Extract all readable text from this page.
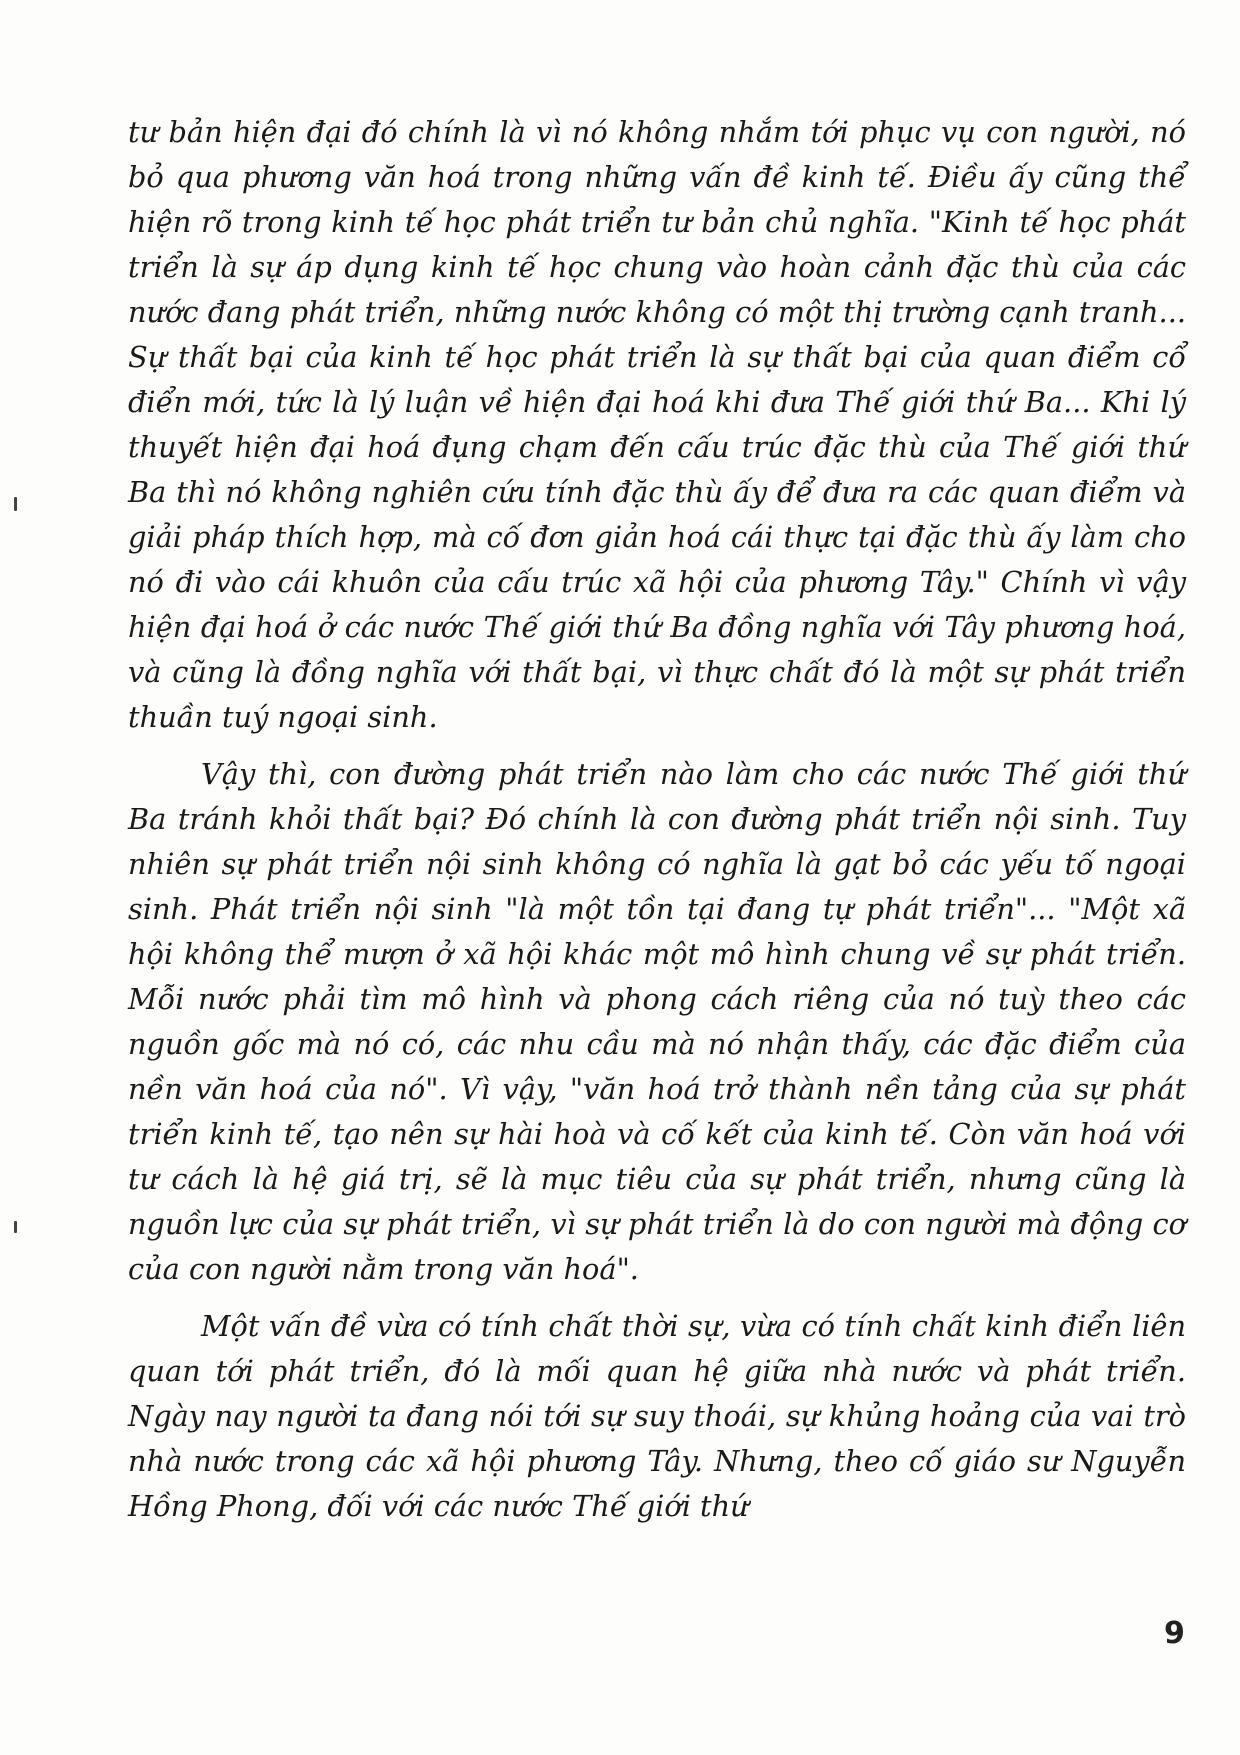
tư bản hiện đại đó chính là vì nó không nhắm tới phục vụ con người, nó bỏ qua phương văn hoá trong những vấn đề kinh tế. Điều ấy cũng thể hiện rõ trong kinh tế học phát triển tư bản chủ nghĩa. "Kinh tế học phát triển là sự áp dụng kinh tế học chung vào hoàn cảnh đặc thù của các nước đang phát triển, những nước không có một thị trường cạnh tranh... Sự thất bại của kinh tế học phát triển là sự thất bại của quan điểm cổ điển mới, tức là lý luận về hiện đại hoá khi đưa Thế giới thứ Ba... Khi lý thuyết hiện đại hoá đụng chạm đến cấu trúc đặc thù của Thế giới thứ Ba thì nó không nghiên cứu tính đặc thù ấy để đưa ra các quan điểm và giải pháp thích hợp, mà cố đơn giản hoá cái thực tại đặc thù ấy làm cho nó đi vào cái khuôn của cấu trúc xã hội của phương Tây." Chính vì vậy hiện đại hoá ở các nước Thế giới thứ Ba đồng nghĩa với Tây phương hoá, và cũng là đồng nghĩa với thất bại, vì thực chất đó là một sự phát triển thuần tuý ngoại sinh.

Vậy thì, con đường phát triển nào làm cho các nước Thế giới thứ Ba tránh khỏi thất bại? Đó chính là con đường phát triển nội sinh. Tuy nhiên sự phát triển nội sinh không có nghĩa là gạt bỏ các yếu tố ngoại sinh. Phát triển nội sinh "là một tồn tại đang tự phát triển"... "Một xã hội không thể mượn ở xã hội khác một mô hình chung về sự phát triển. Mỗi nước phải tìm mô hình và phong cách riêng của nó tuỳ theo các nguồn gốc mà nó có, các nhu cầu mà nó nhận thấy, các đặc điểm của nền văn hoá của nó". Vì vậy, "văn hoá trở thành nền tảng của sự phát triển kinh tế, tạo nên sự hài hoà và cố kết của kinh tế. Còn văn hoá với tư cách là hệ giá trị, sẽ là mục tiêu của sự phát triển, nhưng cũng là nguồn lực của sự phát triển, vì sự phát triển là do con người mà động cơ của con người nằm trong văn hoá".

Một vấn đề vừa có tính chất thời sự, vừa có tính chất kinh điển liên quan tới phát triển, đó là mối quan hệ giữa nhà nước và phát triển. Ngày nay người ta đang nói tới sự suy thoái, sự khủng hoảng của vai trò nhà nước trong các xã hội phương Tây. Nhưng, theo cố giáo sư Nguyễn Hồng Phong, đối với các nước Thế giới thứ

9
